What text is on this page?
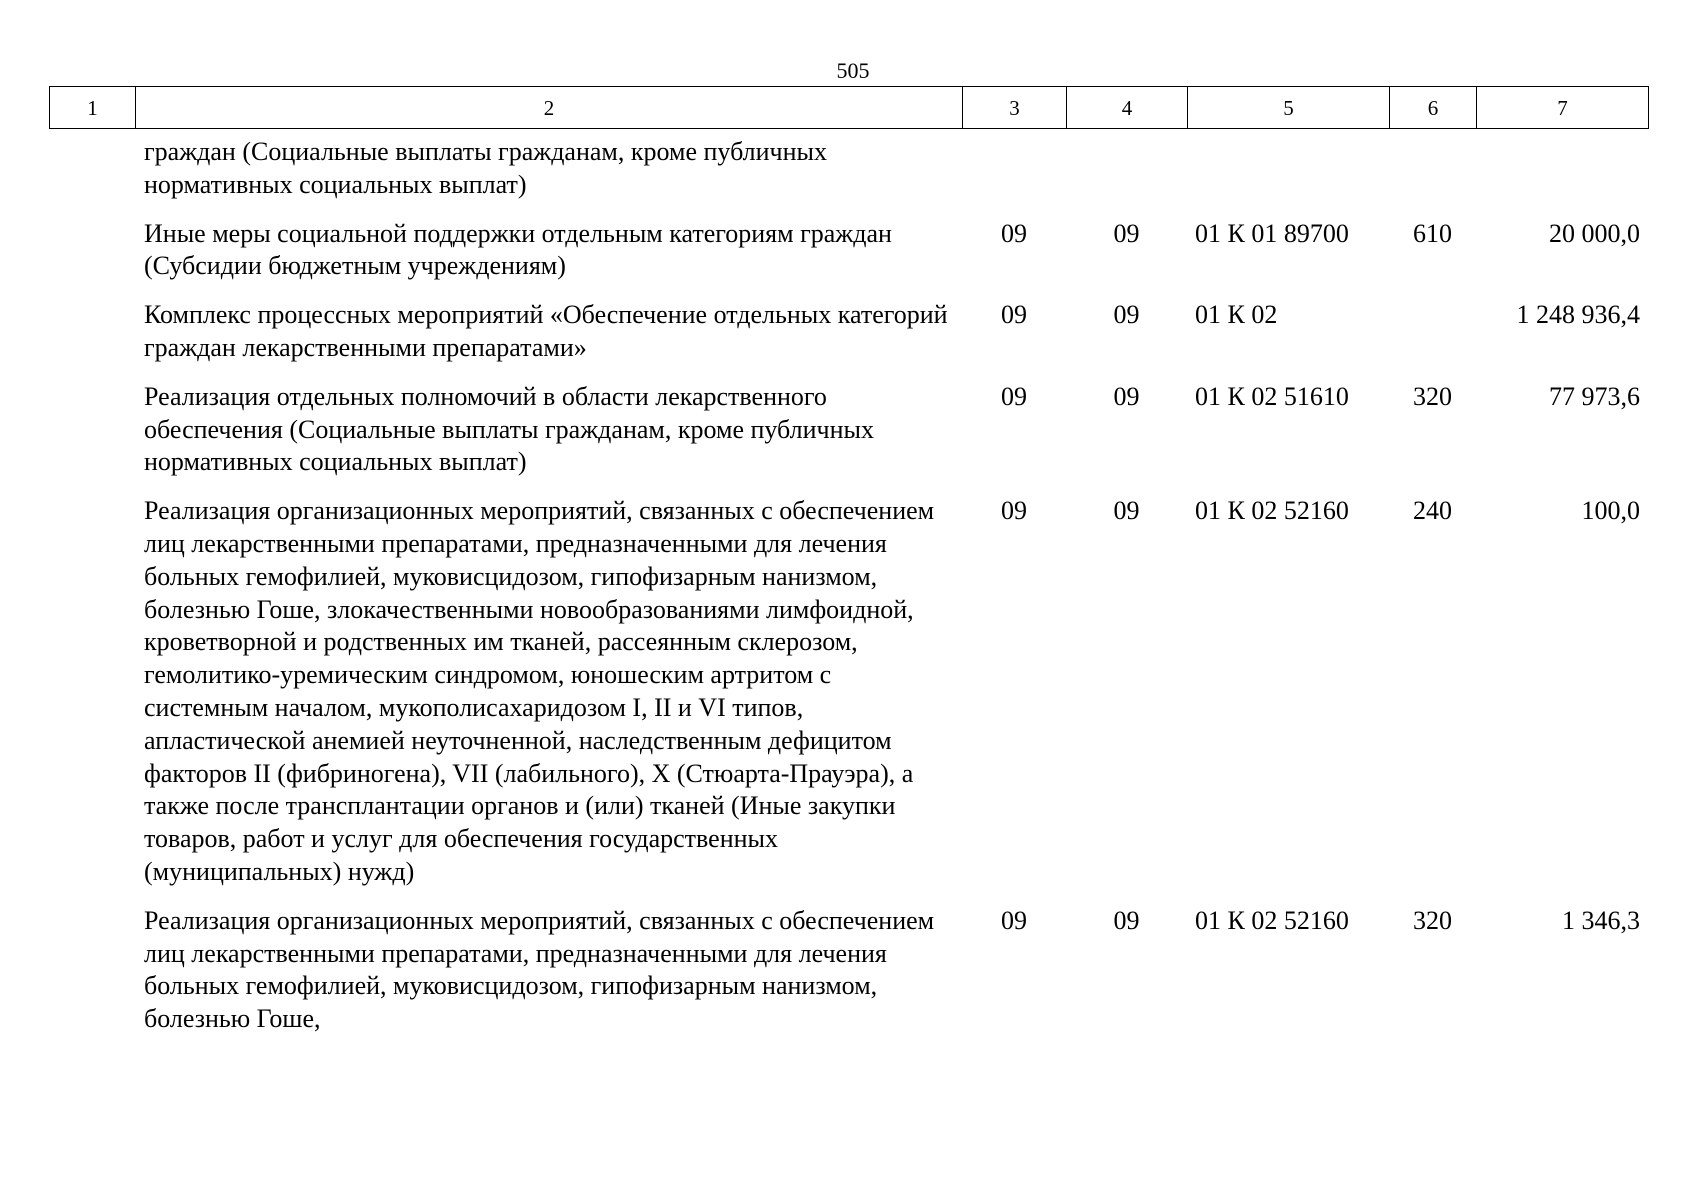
505
1	2	3	4	5	6	7
граждан (Социальные выплаты гражданам, кроме публичных нормативных социальных выплат)					
Иные меры социальной поддержки отдельным категориям граждан (Субсидии бюджетным учреждениям)	09	09	01 К 01 89700	610	20 000,0
Комплекс процессных мероприятий «Обеспечение отдельных категорий граждан лекарственными препаратами»	09	09	01 К 02		1 248 936,4
Реализация отдельных полномочий в области лекарственного обеспечения (Социальные выплаты гражданам, кроме публичных нормативных социальных выплат)	09	09	01 К 02 51610	320	77 973,6
Реализация организационных мероприятий, связанных с обеспечением лиц лекарственными препаратами, предназначенными для лечения больных гемофилией, муковисцидозом, гипофизарным нанизмом, болезнью Гоше, злокачественными новообразованиями лимфоидной, кроветворной и родственных им тканей, рассеянным склерозом, гемолитико-уремическим синдромом, юношеским артритом с системным началом, мукополисахаридозом I, II и VI типов, апластической анемией неуточненной, наследственным дефицитом факторов II (фибриногена), VII (лабильного), X (Стюарта-Прауэра), а также после трансплантации органов и (или) тканей (Иные закупки товаров, работ и услуг для обеспечения государственных (муниципальных) нужд)	09	09	01 К 02 52160	240	100,0
Реализация организационных мероприятий, связанных с обеспечением лиц лекарственными препаратами, предназначенными для лечения больных гемофилией, муковисцидозом, гипофизарным нанизмом, болезнью Гоше,	09	09	01 К 02 52160	320	1 346,3
